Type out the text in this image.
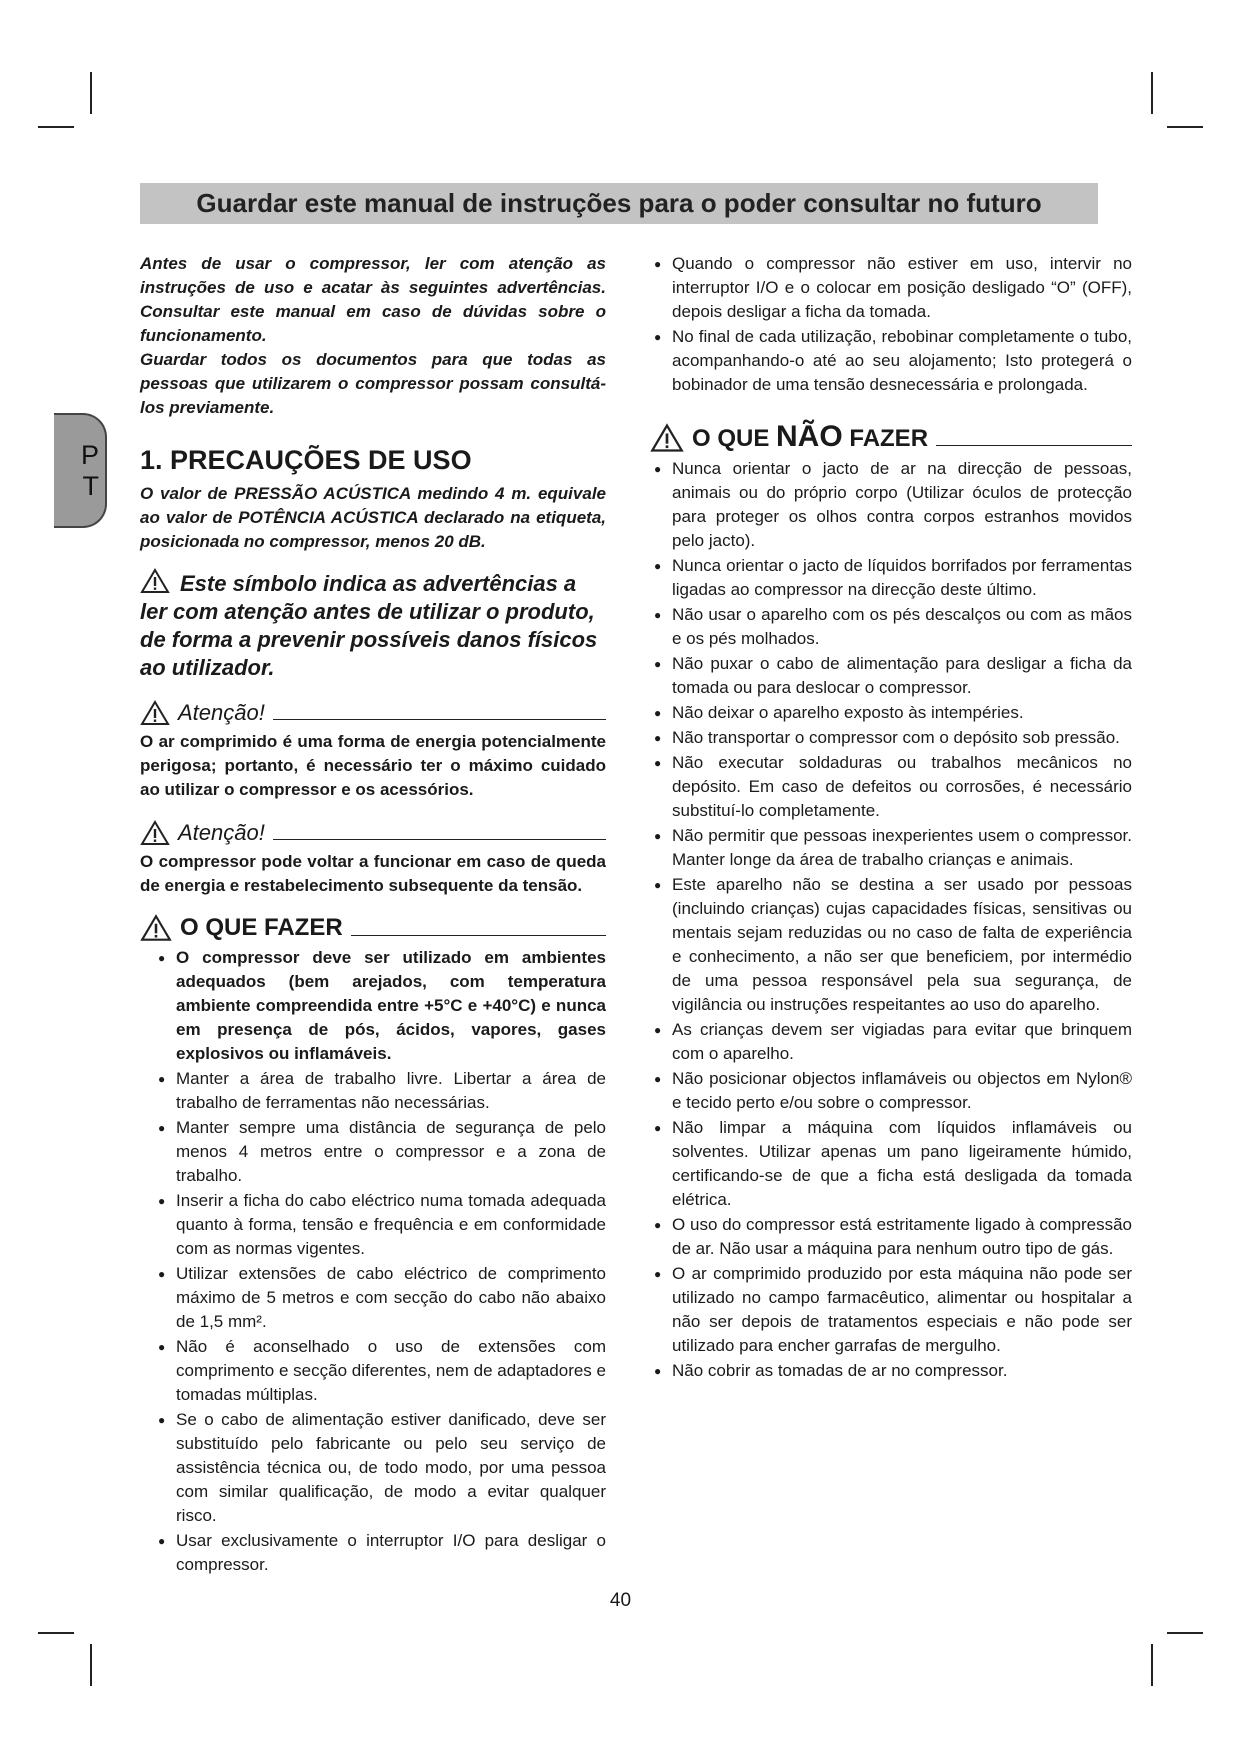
P
T
Guardar este manual de instruções para o poder consultar no futuro

Antes de usar o compressor, ler com atenção as instruções de uso e acatar às seguintes advertências. Consultar este manual em caso de dúvidas sobre o funcionamento.

Guardar todos os documentos para que todas as pessoas que utilizarem o compressor possam consultá-los previamente.

1. PRECAUÇÕES DE USO

O valor de PRESSÃO ACÚSTICA medindo 4 m. equivale ao valor de POTÊNCIA ACÚSTICA declarado na etiqueta, posicionada no compressor, menos 20 dB.

Este símbolo indica as advertências a ler com atenção antes de utilizar o produto, de forma a prevenir possíveis danos físicos ao utilizador.

Atenção!

O ar comprimido é uma forma de energia potencialmente perigosa; portanto, é necessário ter o máximo cuidado ao utilizar o compressor e os acessórios.

Atenção!

O compressor pode voltar a funcionar em caso de queda de energia e restabelecimento subsequente da tensão.

O QUE FAZER
● O compressor deve ser utilizado em ambientes adequados (bem arejados, com temperatura ambiente compreendida entre +5°C e +40°C) e nunca em presença de pós, ácidos, vapores, gases explosivos ou inflamáveis.
● Manter a área de trabalho livre. Libertar a área de trabalho de ferramentas não necessárias.
● Manter sempre uma distância de segurança de pelo menos 4 metros entre o compressor e a zona de trabalho.
● Inserir a ficha do cabo eléctrico numa tomada adequada quanto à forma, tensão e frequência e em conformidade com as normas vigentes.
● Utilizar extensões de cabo eléctrico de comprimento máximo de 5 metros e com secção do cabo não abaixo de 1,5 mm².
● Não é aconselhado o uso de extensões com comprimento e secção diferentes, nem de adaptadores e tomadas múltiplas.
● Se o cabo de alimentação estiver danificado, deve ser substituído pelo fabricante ou pelo seu serviço de assistência técnica ou, de todo modo, por uma pessoa com similar qualificação, de modo a evitar qualquer risco.
● Usar exclusivamente o interruptor I/O para desligar o compressor.
● Quando o compressor não estiver em uso, intervir no interruptor I/O e o colocar em posição desligado “O” (OFF), depois desligar a ficha da tomada.
● No final de cada utilização, rebobinar completamente o tubo, acompanhando-o até ao seu alojamento; Isto protegerá o bobinador de uma tensão desnecessária e prolongada.
O QUE NÃO FAZER
● Nunca orientar o jacto de ar na direcção de pessoas, animais ou do próprio corpo (Utilizar óculos de protecção para proteger os olhos contra corpos estranhos movidos pelo jacto).
● Nunca orientar o jacto de líquidos borrifados por ferramentas ligadas ao compressor na direcção deste último.
● Não usar o aparelho com os pés descalços ou com as mãos e os pés molhados.
● Não puxar o cabo de alimentação para desligar a ficha da tomada ou para deslocar o compressor.
● Não deixar o aparelho exposto às intempéries.
● Não transportar o compressor com o depósito sob pressão.
● Não executar soldaduras ou trabalhos mecânicos no depósito. Em caso de defeitos ou corrosões, é necessário substituí-lo completamente.
● Não permitir que pessoas inexperientes usem o compressor. Manter longe da área de trabalho crianças e animais.
● Este aparelho não se destina a ser usado por pessoas (incluindo crianças) cujas capacidades físicas, sensitivas ou mentais sejam reduzidas ou no caso de falta de experiência e conhecimento, a não ser que beneficiem, por intermédio de uma pessoa responsável pela sua segurança, de vigilância ou instruções respeitantes ao uso do aparelho.
● As crianças devem ser vigiadas para evitar que brinquem com o aparelho.
● Não posicionar objectos inflamáveis ou objectos em Nylon® e tecido perto e/ou sobre o compressor.
● Não limpar a máquina com líquidos inflamáveis ou solventes. Utilizar apenas um pano ligeiramente húmido, certificando-se de que a ficha está desligada da tomada elétrica.
● O uso do compressor está estritamente ligado à compressão de ar. Não usar a máquina para nenhum outro tipo de gás.
● O ar comprimido produzido por esta máquina não pode ser utilizado no campo farmacêutico, alimentar ou hospitalar a não ser depois de tratamentos especiais e não pode ser utilizado para encher garrafas de mergulho.
● Não cobrir as tomadas de ar no compressor.
40
